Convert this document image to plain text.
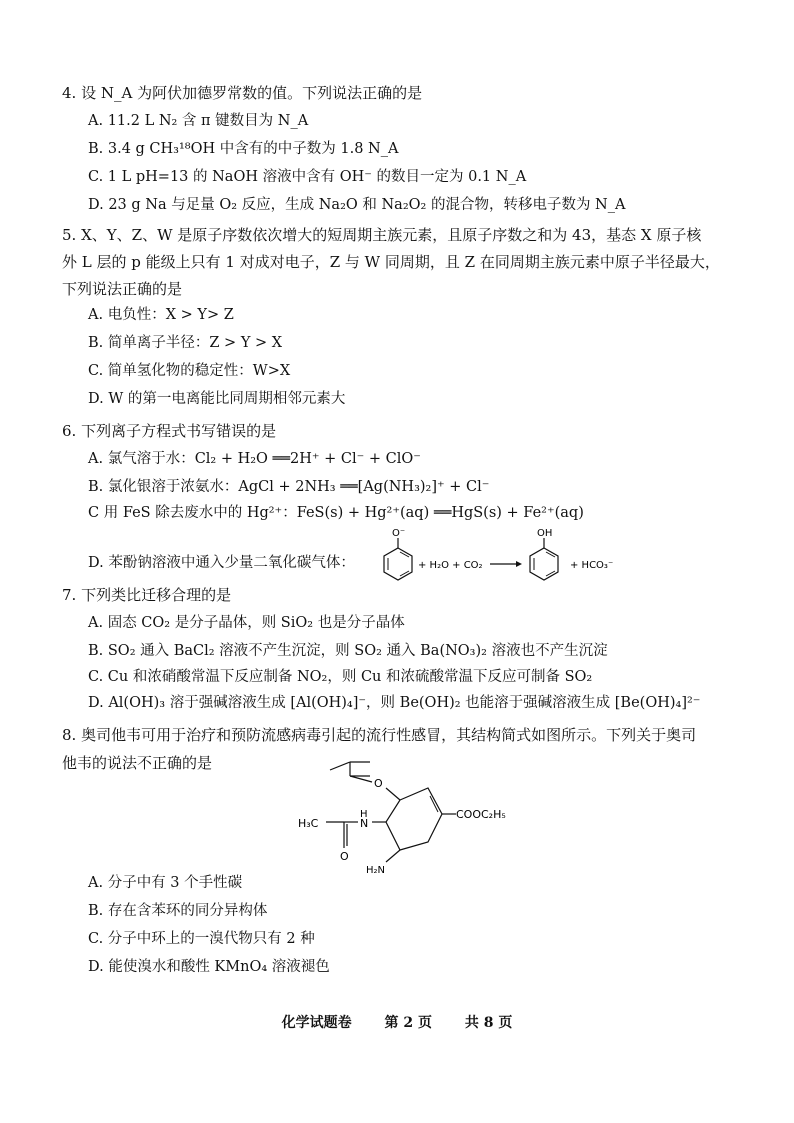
4. 设 N_A 为阿伏加德罗常数的值。下列说法正确的是
A. 11.2 L N₂ 含 π 键数目为 N_A
B. 3.4 g CH₃¹⁸OH 中含有的中子数为 1.8 N_A
C. 1 L pH=13 的 NaOH 溶液中含有 OH⁻ 的数目一定为 0.1 N_A
D. 23 g Na 与足量 O₂ 反应，生成 Na₂O 和 Na₂O₂ 的混合物，转移电子数为 N_A
5. X、Y、Z、W 是原子序数依次增大的短周期主族元素，且原子序数之和为 43，基态 X 原子核
外 L 层的 p 能级上只有 1 对成对电子，Z 与 W 同周期，且 Z 在同周期主族元素中原子半径最大，
下列说法正确的是
A. 电负性：X > Y> Z
B. 简单离子半径：Z > Y > X
C. 简单氢化物的稳定性：W>X
D. W 的第一电离能比同周期相邻元素大
6. 下列离子方程式书写错误的是
A. 氯气溶于水：Cl₂ + H₂O ══2H⁺ + Cl⁻ + ClO⁻
B. 氯化银溶于浓氨水：AgCl + 2NH₃ ══[Ag(NH₃)₂]⁺ + Cl⁻
C 用 FeS 除去废水中的 Hg²⁺：FeS(s) + Hg²⁺(aq) ══HgS(s) + Fe²⁺(aq)
D. 苯酚钠溶液中通入少量二氧化碳气体：
O⁻
+ H₂O + CO₂
OH
+ HCO₃⁻
7. 下列类比迁移合理的是
A. 固态 CO₂ 是分子晶体，则 SiO₂ 也是分子晶体
B. SO₂ 通入 BaCl₂ 溶液不产生沉淀，则 SO₂ 通入 Ba(NO₃)₂ 溶液也不产生沉淀
C. Cu 和浓硝酸常温下反应制备 NO₂，则 Cu 和浓硫酸常温下反应可制备 SO₂
D. Al(OH)₃ 溶于强碱溶液生成 [Al(OH)₄]⁻，则 Be(OH)₂ 也能溶于强碱溶液生成 [Be(OH)₄]²⁻
8. 奥司他韦可用于治疗和预防流感病毒引起的流行性感冒，其结构简式如图所示。下列关于奥司
他韦的说法不正确的是
O
COOC₂H₅
H
N
O
H₃C
H₂N
A. 分子中有 3 个手性碳
B. 存在含苯环的同分异构体
C. 分子中环上的一溴代物只有 2 种
D. 能使溴水和酸性 KMnO₄ 溶液褪色
化学试题卷 第 2 页 共 8 页
